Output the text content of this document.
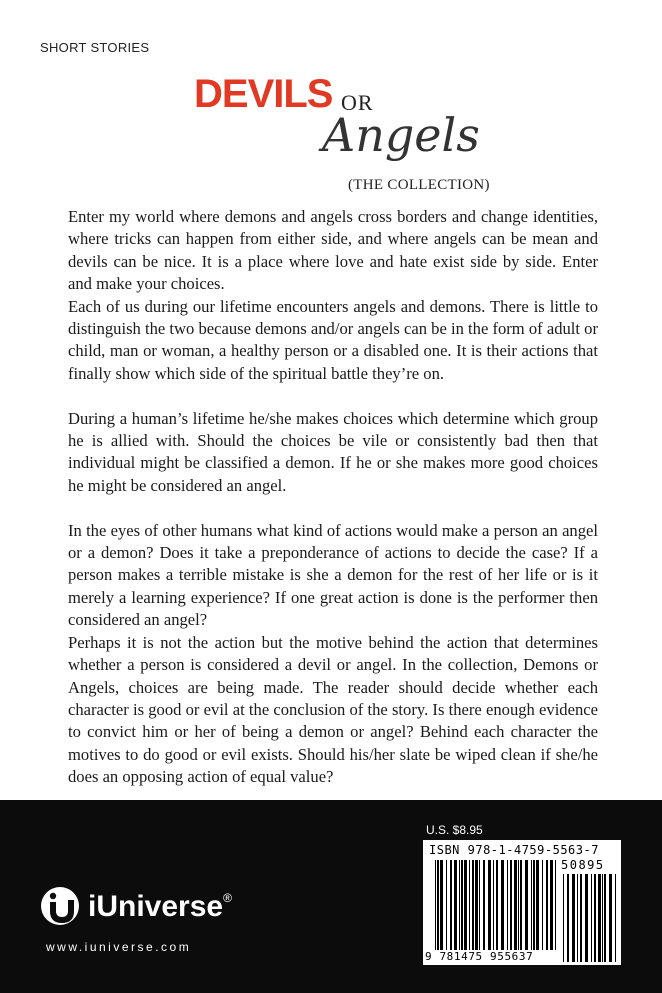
SHORT STORIES
DEVILS OR
Angels
(THE COLLECTION)

Enter my world where demons and angels cross borders and change identities, where tricks can happen from either side, and where angels can be mean and devils can be nice. It is a place where love and hate exist side by side. Enter and make your choices.

Each of us during our lifetime encounters angels and demons. There is little to distinguish the two because demons and/or angels can be in the form of adult or child, man or woman, a healthy person or a disabled one. It is their actions that finally show which side of the spiritual battle they’re on.

During a human’s lifetime he/she makes choices which determine which group he is allied with. Should the choices be vile or consistently bad then that individual might be classified a demon. If he or she makes more good choices he might be considered an angel.

In the eyes of other humans what kind of actions would make a person an angel or a demon? Does it take a preponderance of actions to decide the case? If a person makes a terrible mistake is she a demon for the rest of her life or is it merely a learning experience? If one great action is done is the performer then considered an angel?

Perhaps it is not the action but the motive behind the action that determines whether a person is considered a devil or angel. In the collection, Demons or Angels, choices are being made. The reader should decide whether each character is good or evil at the conclusion of the story. Is there enough evidence to convict him or her of being a demon or angel? Behind each character the motives to do good or evil exists. Should his/her slate be wiped clean if she/he does an opposing action of equal value?

iUniverse®
www.iuniverse.com
U.S. $8.95
ISBN 978-1-4759-5563-7
50895
9 781475 955637
